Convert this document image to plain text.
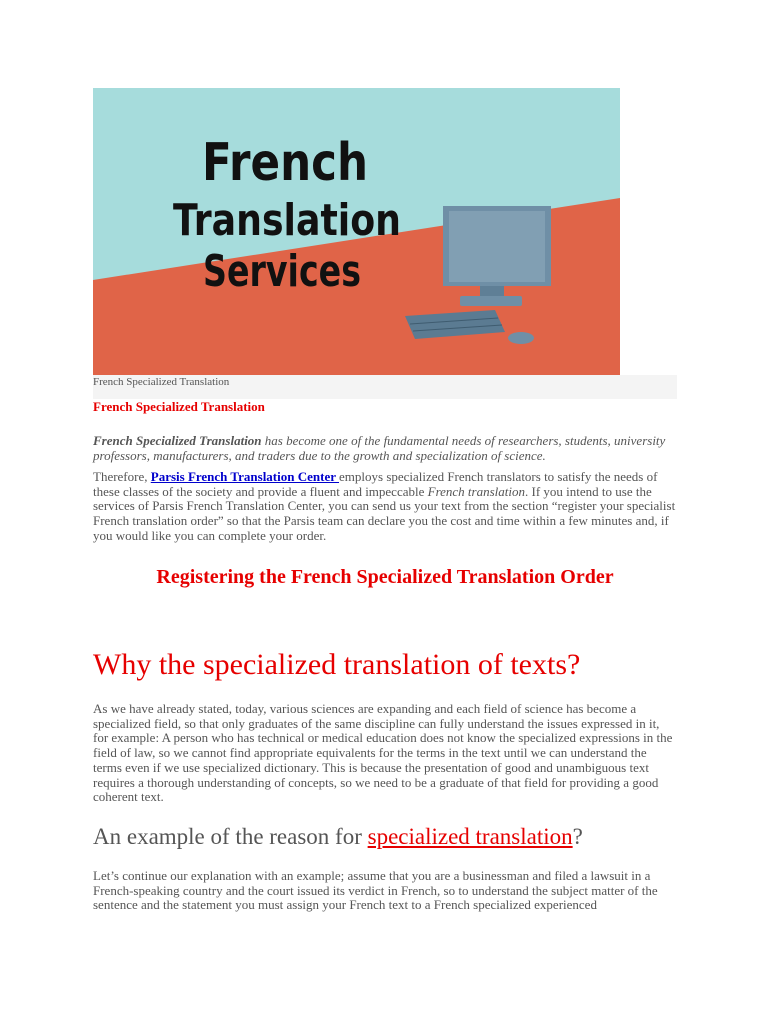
French
Translation
Services
French Specialized Translation
French Specialized Translation
French Specialized Translation has become one of the fundamental needs of researchers, students, university professors, manufacturers, and traders due to the growth and specialization of science.
Therefore, Parsis French Translation Center employs specialized French translators to satisfy the needs of these classes of the society and provide a fluent and impeccable French translation. If you intend to use the services of Parsis French Translation Center, you can send us your text from the section “register your specialist French translation order” so that the Parsis team can declare you the cost and time within a few minutes and, if you would like you can complete your order.
Registering the French Specialized Translation Order
Why the specialized translation of texts?
As we have already stated, today, various sciences are expanding and each field of science has become a specialized field, so that only graduates of the same discipline can fully understand the issues expressed in it, for example: A person who has technical or medical education does not know the specialized expressions in the field of law, so we cannot find appropriate equivalents for the terms in the text until we can understand the terms even if we use specialized dictionary. This is because the presentation of good and unambiguous text requires a thorough understanding of concepts, so we need to be a graduate of that field for providing a good coherent text.
An example of the reason for specialized translation?
Let’s continue our explanation with an example; assume that you are a businessman and filed a lawsuit in a French-speaking country and the court issued its verdict in French, so to understand the subject matter of the sentence and the statement you must assign your French text to a French specialized experienced
